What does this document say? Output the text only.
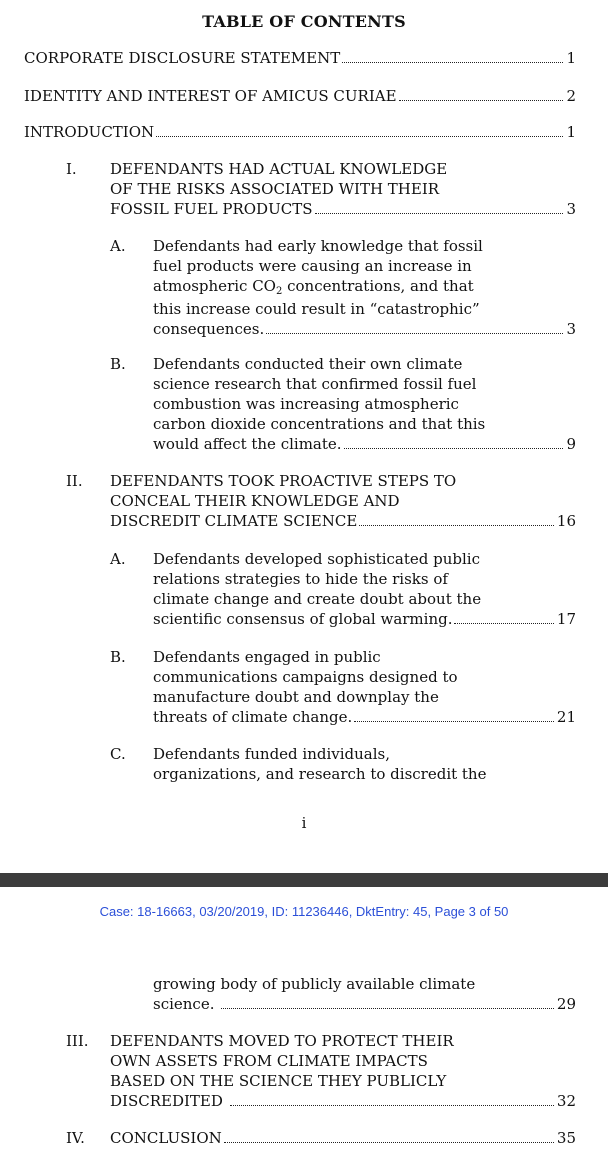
TABLE OF CONTENTS
CORPORATE DISCLOSURE STATEMENT	1
IDENTITY AND INTEREST OF AMICUS CURIAE	2
INTRODUCTION	1
I. DEFENDANTS HAD ACTUAL KNOWLEDGE
OF THE RISKS ASSOCIATED WITH THEIR
FOSSIL FUEL PRODUCTS	3
A. Defendants had early knowledge that fossil
fuel products were causing an increase in
atmospheric CO 2 concentrations, and that
this increase could result in “catastrophic”
consequences.	3
B. Defendants conducted their own climate
science research that confirmed fossil fuel
combustion was increasing atmospheric
carbon dioxide concentrations and that this
would affect the climate.	9
II. DEFENDANTS TOOK PROACTIVE STEPS TO
CONCEAL THEIR KNOWLEDGE AND
DISCREDIT CLIMATE SCIENCE	16
A. Defendants developed sophisticated public
relations strategies to hide the risks of
climate change and create doubt about the
scientific consensus of global warming.	17
B. Defendants engaged in public
communications campaigns designed to
manufacture doubt and downplay the
threats of climate change.	21
C. Defendants funded individuals,
organizations, and research to discredit the
i
Case: 18-16663, 03/20/2019, ID: 11236446, DktEntry: 45, Page 3 of 50
growing body of publicly available climate
science.	29
III. DEFENDANTS MOVED TO PROTECT THEIR
OWN ASSETS FROM CLIMATE IMPACTS
BASED ON THE SCIENCE THEY PUBLICLY
DISCREDITED	32
IV. CONCLUSION	35
